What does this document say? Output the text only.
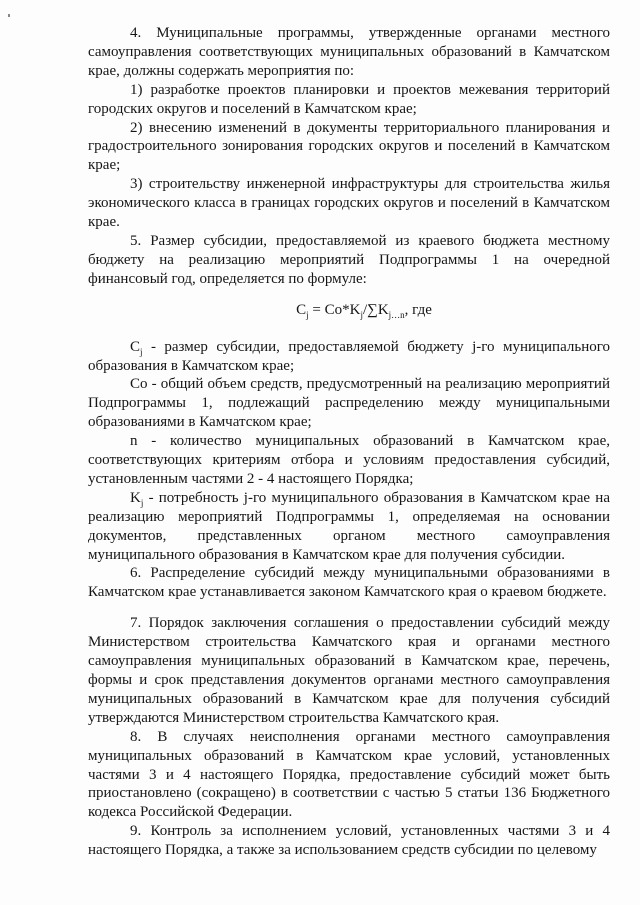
4. Муниципальные программы, утвержденные органами местного самоуправления соответствующих муниципальных образований в Камчатском крае, должны содержать мероприятия по:

1) разработке проектов планировки и проектов межевания территорий городских округов и поселений в Камчатском крае;

2) внесению изменений в документы территориального планирования и градостроительного зонирования городских округов и поселений в Камчатском крае;

3) строительству инженерной инфраструктуры для строительства жилья экономического класса в границах городских округов и поселений в Камчатском крае.

5. Размер субсидии, предоставляемой из краевого бюджета местному бюджету на реализацию мероприятий Подпрограммы 1 на очередной финансовый год, определяется по формуле:

$C_j = Co*K_j/\sum K_{j\dots n}$, где

$C_j$ - размер субсидии, предоставляемой бюджету j-го муниципального образования в Камчатском крае;

Co - общий объем средств, предусмотренный на реализацию мероприятий Подпрограммы 1, подлежащий распределению между муниципальными образованиями в Камчатском крае;

n - количество муниципальных образований в Камчатском крае, соответствующих критериям отбора и условиям предоставления субсидий, установленным частями 2 - 4 настоящего Порядка;

$K_j$ - потребность j-го муниципального образования в Камчатском крае на реализацию мероприятий Подпрограммы 1, определяемая на основании документов, представленных органом местного самоуправления муниципального образования в Камчатском крае для получения субсидии.

6. Распределение субсидий между муниципальными образованиями в Камчатском крае устанавливается законом Камчатского края о краевом бюджете.

7. Порядок заключения соглашения о предоставлении субсидий между Министерством строительства Камчатского края и органами местного самоуправления муниципальных образований в Камчатском крае, перечень, формы и срок представления документов органами местного самоуправления муниципальных образований в Камчатском крае для получения субсидий утверждаются Министерством строительства Камчатского края.

8. В случаях неисполнения органами местного самоуправления муниципальных образований в Камчатском крае условий, установленных частями 3 и 4 настоящего Порядка, предоставление субсидий может быть приостановлено (сокращено) в соответствии с частью 5 статьи 136 Бюджетного кодекса Российской Федерации.

9. Контроль за исполнением условий, установленных частями 3 и 4 настоящего Порядка, а также за использованием средств субсидии по целевому
